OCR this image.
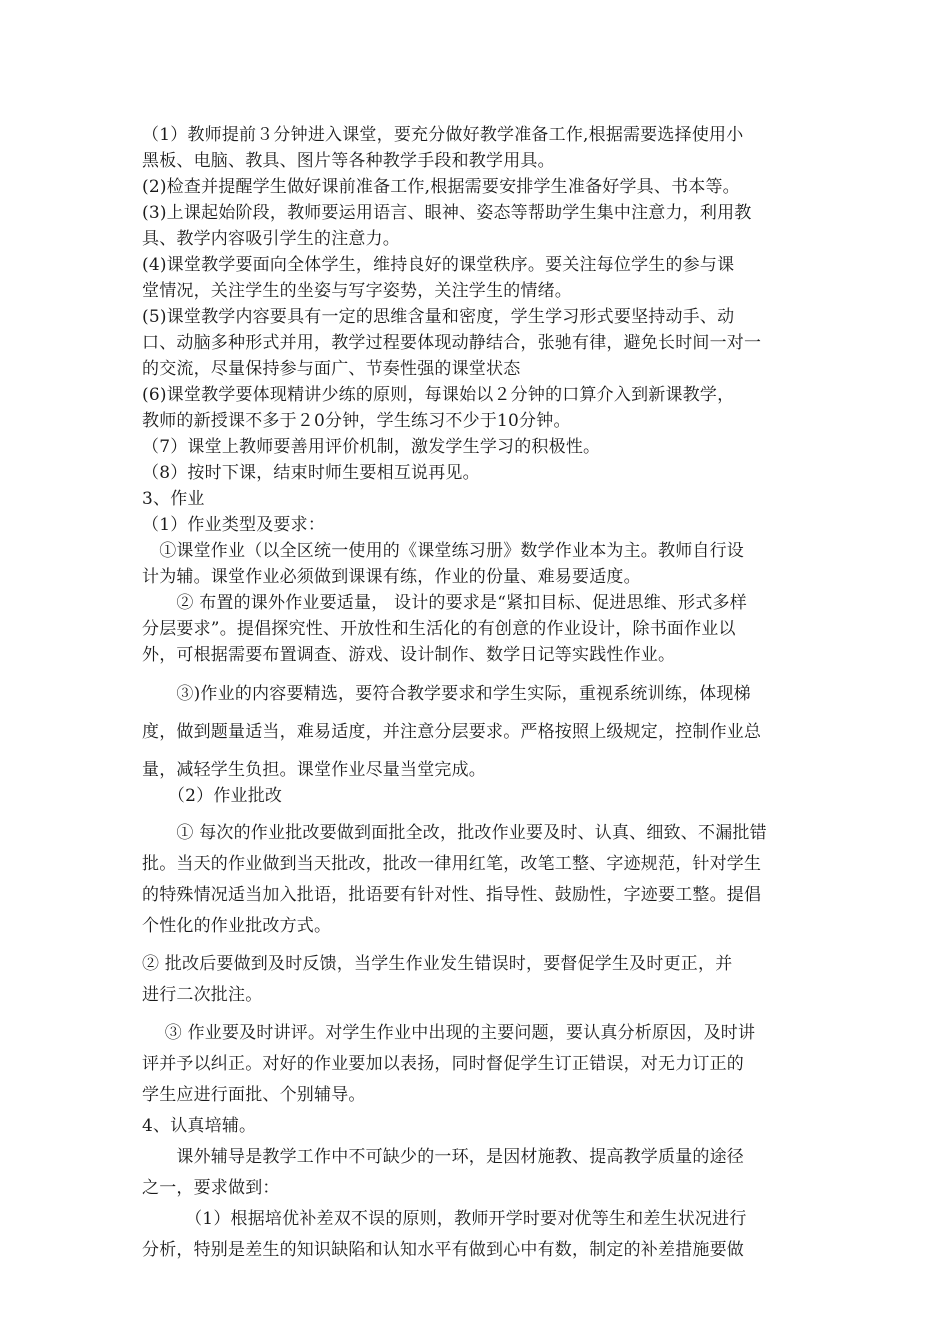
（1）教师提前３分钟进入课堂，要充分做好教学准备工作,根据需要选择使用小
黑板、电脑、教具、图片等各种教学手段和教学用具。
(2)检查并提醒学生做好课前准备工作,根据需要安排学生准备好学具、书本等。
(3)上课起始阶段，教师要运用语言、眼神、姿态等帮助学生集中注意力，利用教
具、教学内容吸引学生的注意力。
(4)课堂教学要面向全体学生，维持良好的课堂秩序。要关注每位学生的参与课
堂情况，关注学生的坐姿与写字姿势，关注学生的情绪。
(5)课堂教学内容要具有一定的思维含量和密度，学生学习形式要坚持动手、动
口、动脑多种形式并用，教学过程要体现动静结合，张驰有律，避免长时间一对一
的交流，尽量保持参与面广、节奏性强的课堂状态
(6)课堂教学要体现精讲少练的原则，每课始以２分钟的口算介入到新课教学，
教师的新授课不多于２0分钟，学生练习不少于10分钟。
（7）课堂上教师要善用评价机制，激发学生学习的积极性。
（8）按时下课，结束时师生要相互说再见。
3、作业
（1）作业类型及要求：
　①课堂作业（以全区统一使用的《课堂练习册》数学作业本为主。教师自行设
计为辅。课堂作业必须做到课课有练，作业的份量、难易要适度。
　　② 布置的课外作业要适量， 设计的要求是“紧扣目标、促进思维、形式多样
分层要求”。提倡探究性、开放性和生活化的有创意的作业设计，除书面作业以
外，可根据需要布置调查、游戏、设计制作、数学日记等实践性作业。
　　③)作业的内容要精选，要符合教学要求和学生实际，重视系统训练，体现梯
度，做到题量适当，难易适度，并注意分层要求。严格按照上级规定，控制作业总
量，减轻学生负担。课堂作业尽量当堂完成。
　　（2）作业批改
　　① 每次的作业批改要做到面批全改，批改作业要及时、认真、细致、不漏批错
批。当天的作业做到当天批改，批改一律用红笔，改笔工整、字迹规范，针对学生
的特殊情况适当加入批语，批语要有针对性、指导性、鼓励性，字迹要工整。提倡
个性化的作业批改方式。
② 批改后要做到及时反馈，当学生作业发生错误时，要督促学生及时更正，并
进行二次批注。
　 ③ 作业要及时讲评。对学生作业中出现的主要问题，要认真分析原因，及时讲
评并予以纠正。对好的作业要加以表扬，同时督促学生订正错误，对无力订正的
学生应进行面批、个别辅导。
4、认真培辅。
　　课外辅导是教学工作中不可缺少的一环，是因材施教、提高教学质量的途径
之一，要求做到：
　　　（1）根据培优补差双不误的原则，教师开学时要对优等生和差生状况进行
分析，特别是差生的知识缺陷和认知水平有做到心中有数，制定的补差措施要做
